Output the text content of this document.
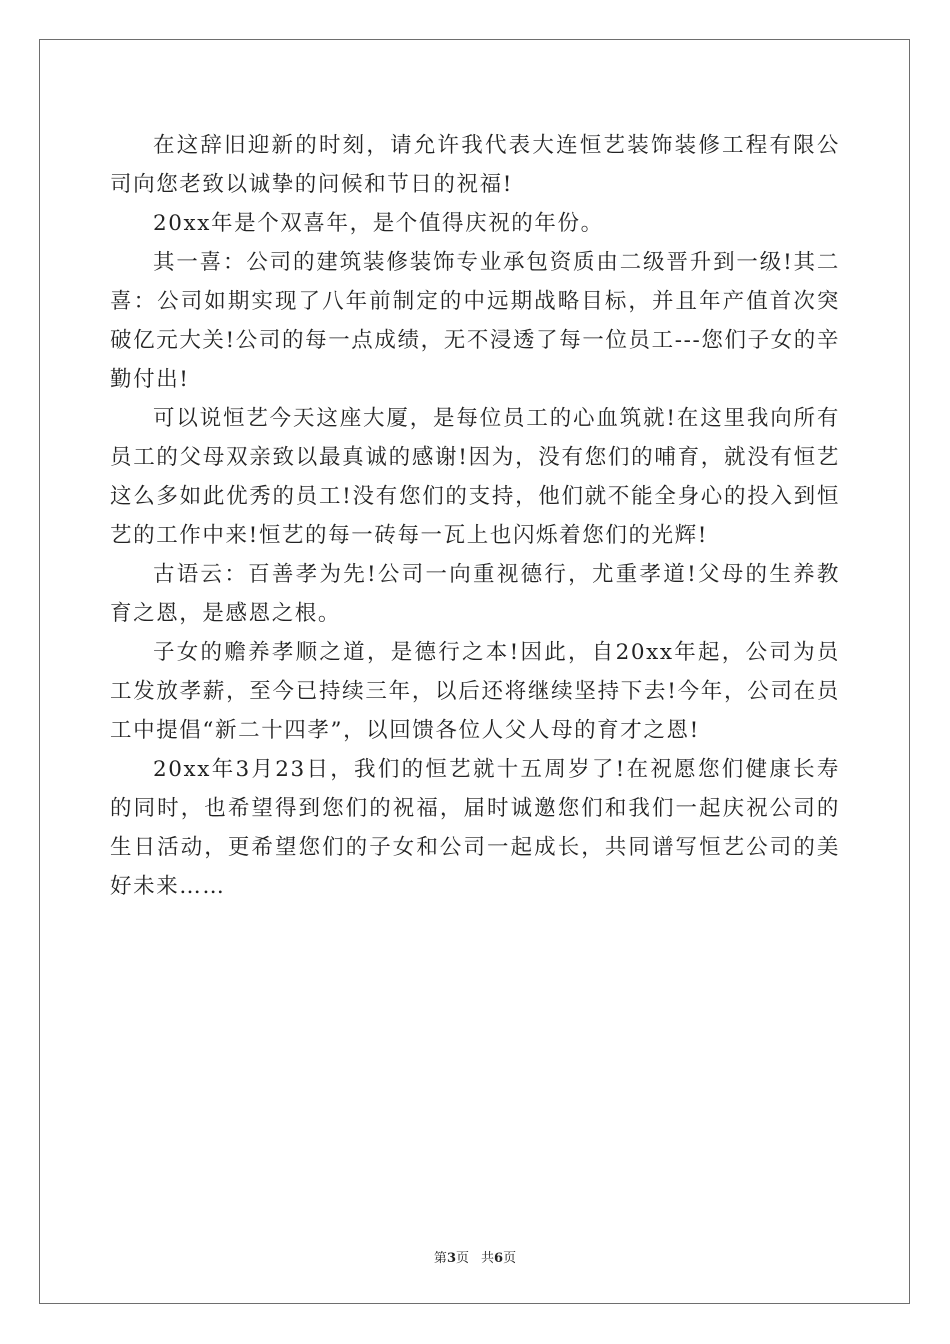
在这辞旧迎新的时刻，请允许我代表大连恒艺装饰装修工程有限公司向您老致以诚挚的问候和节日的祝福!

20xx年是个双喜年，是个值得庆祝的年份。

其一喜：公司的建筑装修装饰专业承包资质由二级晋升到一级!其二喜：公司如期实现了八年前制定的中远期战略目标，并且年产值首次突破亿元大关!公司的每一点成绩，无不浸透了每一位员工---您们子女的辛勤付出!

可以说恒艺今天这座大厦，是每位员工的心血筑就!在这里我向所有员工的父母双亲致以最真诚的感谢!因为，没有您们的哺育，就没有恒艺这么多如此优秀的员工!没有您们的支持，他们就不能全身心的投入到恒艺的工作中来!恒艺的每一砖每一瓦上也闪烁着您们的光辉!

古语云：百善孝为先!公司一向重视德行，尤重孝道!父母的生养教育之恩，是感恩之根。

子女的赡养孝顺之道，是德行之本!因此，自20xx年起，公司为员工发放孝薪，至今已持续三年，以后还将继续坚持下去!今年，公司在员工中提倡“新二十四孝”，以回馈各位人父人母的育才之恩!

20xx年3月23日，我们的恒艺就十五周岁了!在祝愿您们健康长寿的同时，也希望得到您们的祝福，届时诚邀您们和我们一起庆祝公司的生日活动，更希望您们的子女和公司一起成长，共同谱写恒艺公司的美好未来……

第3页 共6页
